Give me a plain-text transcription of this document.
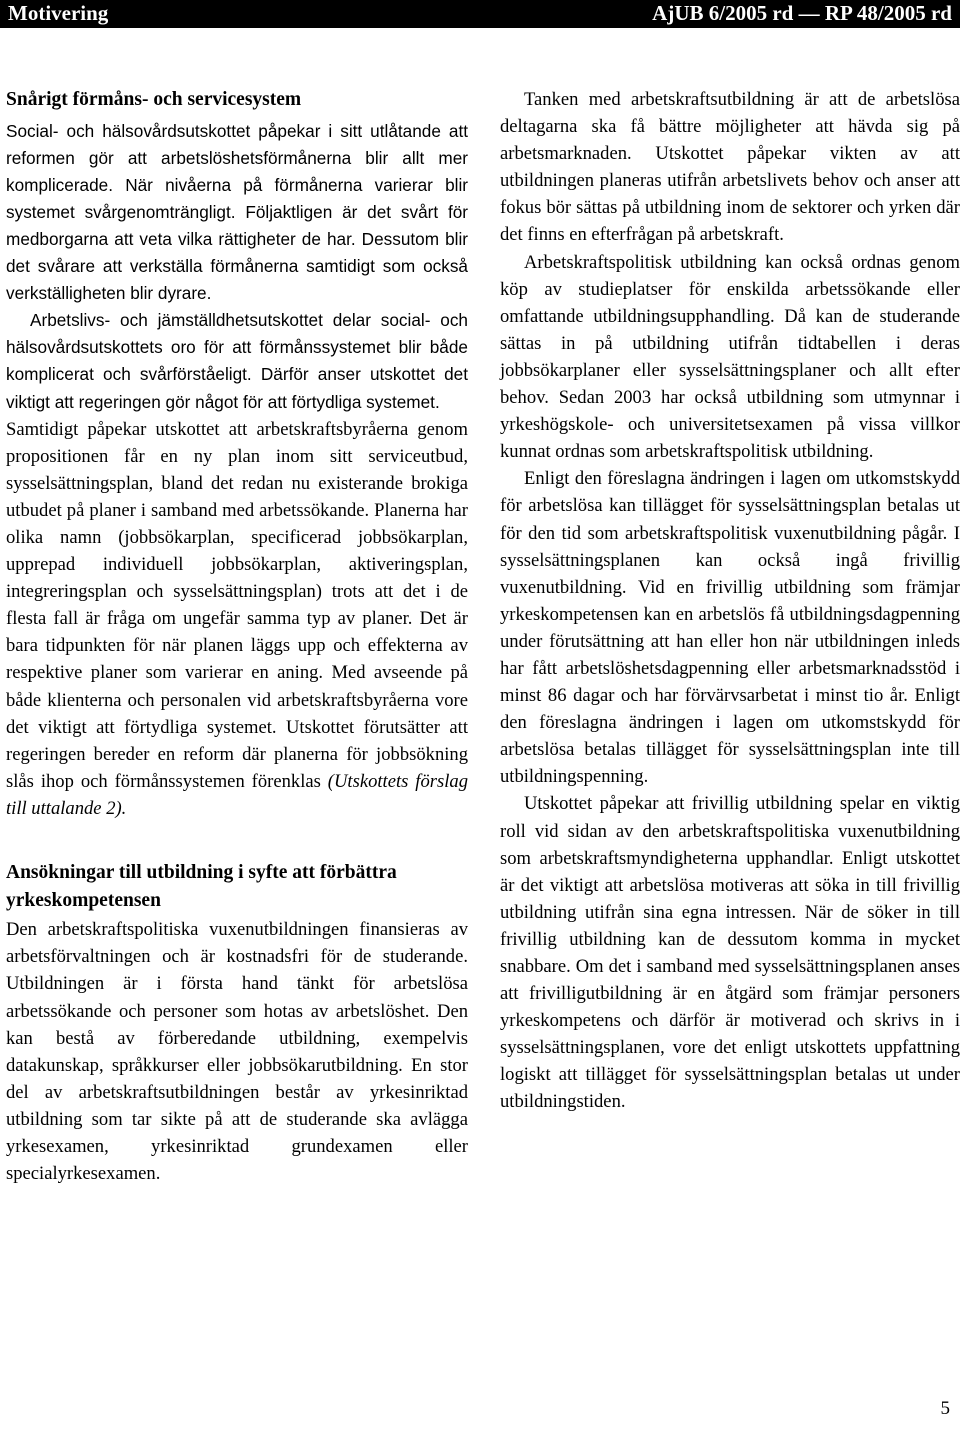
Motivering	AjUB 6/2005 rd — RP 48/2005 rd
Snårigt förmåns- och servicesystem

Social- och hälsovårdsutskottet påpekar i sitt utlåtande att reformen gör att arbetslöshetsförmånerna blir allt mer komplicerade. När nivåerna på förmånerna varierar blir systemet svårgenomträngligt. Följaktligen är det svårt för medborgarna att veta vilka rättigheter de har. Dessutom blir det svårare att verkställa förmånerna samtidigt som också verkställigheten blir dyrare.

Arbetslivs- och jämställdhetsutskottet delar social- och hälsovårdsutskottets oro för att förmånssystemet blir både komplicerat och svårförståeligt. Därför anser utskottet det viktigt att regeringen gör något för att förtydliga systemet.

Samtidigt påpekar utskottet att arbetskraftsbyråerna genom propositionen får en ny plan inom sitt serviceutbud, sysselsättningsplan, bland det redan nu existerande brokiga utbudet på planer i samband med arbetssökande. Planerna har olika namn (jobbsökarplan, specificerad jobbsökarplan, upprepad individuell jobbsökarplan, aktiveringsplan, integreringsplan och sysselsättningsplan) trots att det i de flesta fall är fråga om ungefär samma typ av planer. Det är bara tidpunkten för när planen läggs upp och effekterna av respektive planer som varierar en aning. Med avseende på både klienterna och personalen vid arbetskraftsbyråerna vore det viktigt att förtydliga systemet. Utskottet förutsätter att regeringen bereder en reform där planerna för jobbsökning slås ihop och förmånssystemen förenklas (Utskottets förslag till uttalande 2).

Ansökningar till utbildning i syfte att förbättra yrkeskompetensen

Den arbetskraftspolitiska vuxenutbildningen finansieras av arbetsförvaltningen och är kostnadsfri för de studerande. Utbildningen är i första hand tänkt för arbetslösa arbetssökande och personer som hotas av arbetslöshet. Den kan bestå av förberedande utbildning, exempelvis datakunskap, språkkurser eller jobbsökarutbildning. En stor del av arbetskraftsutbildningen består av yrkesinriktad utbildning som tar sikte på att de studerande ska avlägga yrkesexamen, yrkesinriktad grundexamen eller specialyrkesexamen.

Tanken med arbetskraftsutbildning är att de arbetslösa deltagarna ska få bättre möjligheter att hävda sig på arbetsmarknaden. Utskottet påpekar vikten av att utbildningen planeras utifrån arbetslivets behov och anser att fokus bör sättas på utbildning inom de sektorer och yrken där det finns en efterfrågan på arbetskraft.

Arbetskraftspolitisk utbildning kan också ordnas genom köp av studieplatser för enskilda arbetssökande eller omfattande utbildningsupphandling. Då kan de studerande sättas in på utbildning utifrån tidtabellen i deras jobbsökarplaner eller sysselsättningsplaner och allt efter behov. Sedan 2003 har också utbildning som utmynnar i yrkeshögskole- och universitetsexamen på vissa villkor kunnat ordnas som arbetskraftspolitisk utbildning.

Enligt den föreslagna ändringen i lagen om utkomstskydd för arbetslösa kan tillägget för sysselsättningsplan betalas ut för den tid som arbetskraftspolitisk vuxenutbildning pågår. I sysselsättningsplanen kan också ingå frivillig vuxenutbildning. Vid en frivillig utbildning som främjar yrkeskompetensen kan en arbetslös få utbildningsdagpenning under förutsättning att han eller hon när utbildningen inleds har fått arbetslöshetsdagpenning eller arbetsmarknadsstöd i minst 86 dagar och har förvärvsarbetat i minst tio år. Enligt den föreslagna ändringen i lagen om utkomstskydd för arbetslösa betalas tillägget för sysselsättningsplan inte till utbildningspenning.

Utskottet påpekar att frivillig utbildning spelar en viktig roll vid sidan av den arbetskraftspolitiska vuxenutbildning som arbetskraftsmyndigheterna upphandlar. Enligt utskottet är det viktigt att arbetslösa motiveras att söka in till frivillig utbildning utifrån sina egna intressen. När de söker in till frivillig utbildning kan de dessutom komma in mycket snabbare. Om det i samband med sysselsättningsplanen anses att frivilligutbildning är en åtgärd som främjar personers yrkeskompetens och därför är motiverad och skrivs in i sysselsättningsplanen, vore det enligt utskottets uppfattning logiskt att tillägget för sysselsättningsplan betalas ut under utbildningstiden.

5
